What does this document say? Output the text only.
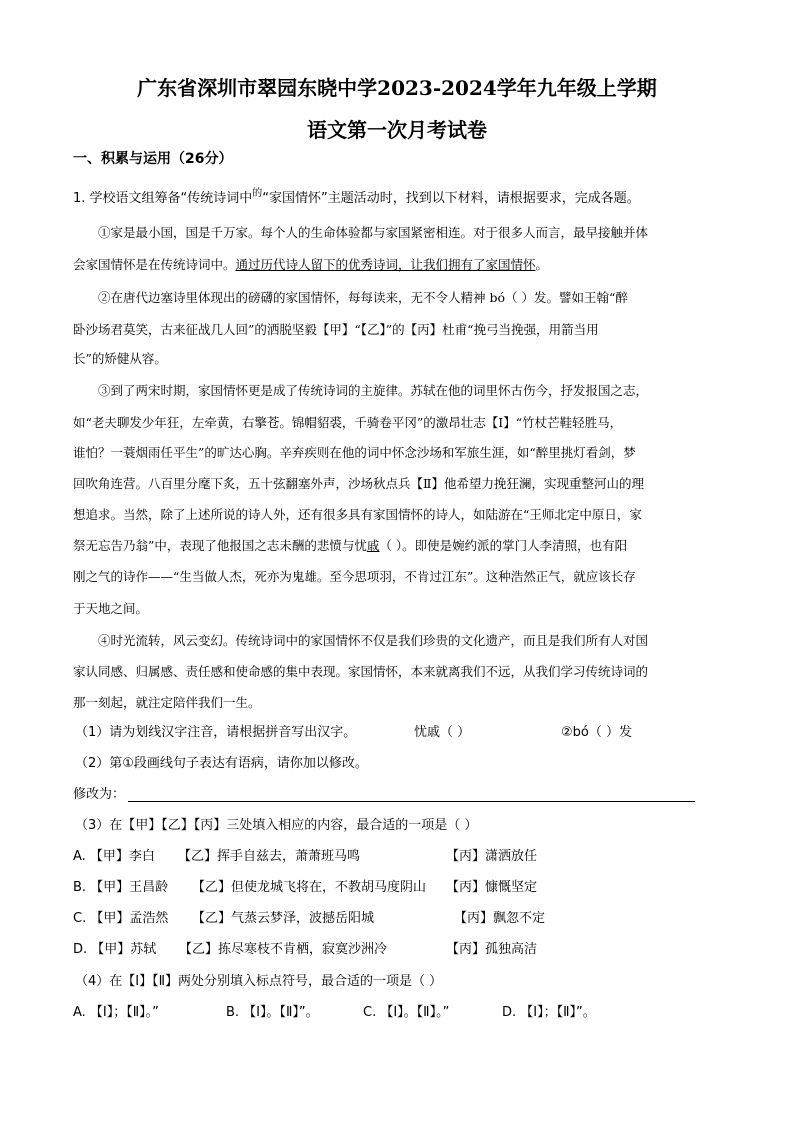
广东省深圳市翠园东晓中学2023-2024学年九年级上学期
语文第一次月考试卷
一、积累与运用（26分）
1. 学校语文组筹备“传统诗词中$^的$“家国情怀”主题活动时，找到以下材料，请根据要求，完成各题。
①家是最小国，国是千万家。每个人的生命体验都与家国紧密相连。对于很多人而言，最早接触并体
会家国情怀是在传统诗词中。通过历代诗人留下的优秀诗词，让我们拥有了家国情怀。
②在唐代边塞诗里体现出的磅礴的家国情怀，每每读来，无不令人精神 bó（ ）发。譬如王翰“醉
卧沙场君莫笑，古来征战几人回”的洒脱坚毅【甲】“【乙】”的【丙】杜甫“挽弓当挽强，用箭当用
长”的矫健从容。
③到了两宋时期，家国情怀更是成了传统诗词的主旋律。苏轼在他的词里怀古伤今，抒发报国之志，
如“老夫聊发少年狂，左牵黄，右擎苍。锦帽貂裘，千骑卷平冈”的激昂壮志【Ⅰ】“竹杖芒鞋轻胜马，
谁怕？一蓑烟雨任平生”的旷达心胸。辛弃疾则在他的词中怀念沙场和军旅生涯，如“醉里挑灯看剑，梦
回吹角连营。八百里分麾下炙，五十弦翻塞外声，沙场秋点兵【Ⅱ】他希望力挽狂澜，实现重整河山的理
想追求。当然，除了上述所说的诗人外，还有很多具有家国情怀的诗人，如陆游在“王师北定中原日，家
祭无忘告乃翁”中，表现了他报国之志未酬的悲愤与忧戚（ ）。即使是婉约派的掌门人李清照，也有阳
刚之气的诗作——“生当做人杰，死亦为鬼雄。至今思项羽，不肯过江东”。这种浩然正气，就应该长存
于天地之间。
④时光流转，风云变幻。传统诗词中的家国情怀不仅是我们珍贵的文化遗产，而且是我们所有人对国
家认同感、归属感、责任感和使命感的集中表现。家国情怀，本来就离我们不远，从我们学习传统诗词的
那一刻起，就注定陪伴我们一生。
（1）请为划线汉字注音，请根据拼音写出汉字。	忧戚（ ）	②bó（ ）发
（2）第①段画线句子表达有语病，请你加以修改。
修改为：
（3）在【甲】【乙】【丙】三处填入相应的内容，最合适的一项是（ ）
A. 【甲】李白 【乙】挥手自兹去，萧萧班马鸣	【丙】潇洒放任
B. 【甲】王昌龄 【乙】但使龙城飞将在，不教胡马度阴山 【丙】慷慨坚定
C. 【甲】孟浩然 【乙】气蒸云梦泽，波撼岳阳城	【丙】飘忽不定
D. 【甲】苏轼 【乙】拣尽寒枝不肯栖，寂寞沙洲冷	【丙】孤独高洁
（4）在【Ⅰ】【Ⅱ】两处分别填入标点符号，最合适的一项是（ ）
A. 【Ⅰ】；【Ⅱ】。”	B. 【Ⅰ】。【Ⅱ】”。	C. 【Ⅰ】。【Ⅱ】。”	D. 【Ⅰ】；【Ⅱ】”。
